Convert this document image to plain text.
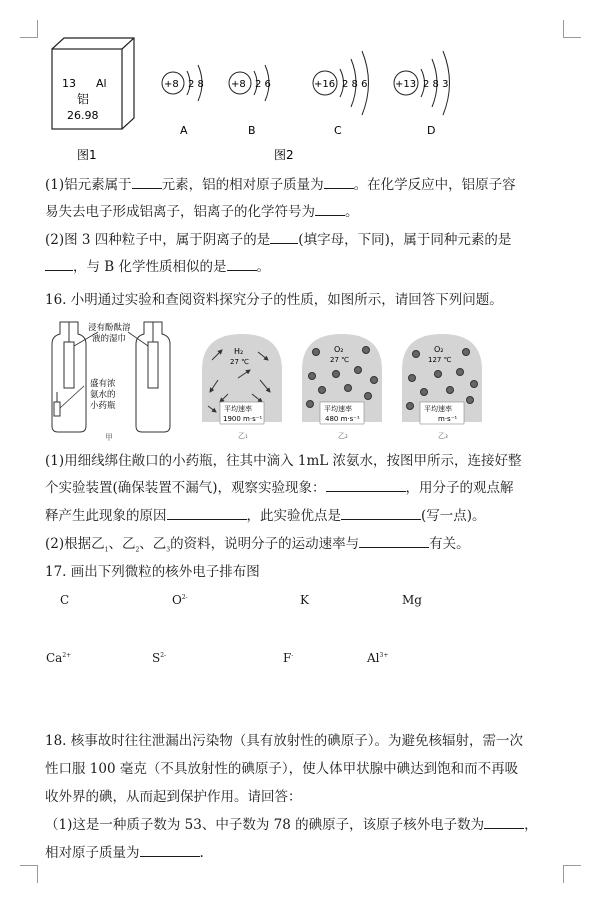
13 Al
铝
26.98
+8 2 8
A
+8 2 6
B
+16 2 8 6
C
+13 2 8 3
D
图1	图2
(1)铝元素属于 元素，铝的相对原子质量为 。在化学反应中，铝原子容
易失去电子形成铝离子，铝离子的化学符号为 。
(2)图 3 四种粒子中，属于阴离子的是 (填字母，下同)，属于同种元素的是
，与 B 化学性质相似的是 。
16. 小明通过实验和查阅资料探究分子的性质，如图所示，请回答下列问题。
浸有酚酞溶
液的湿巾
盛有浓
氨水的
小药瓶
甲
H₂
27 ℃
平均速率
1900 m·s⁻¹
乙₁
O₂
27 ℃
平均速率
480 m·s⁻¹
乙₂
O₂
127 ℃
平均速率
m·s⁻¹
乙₃
(1)用细线绑住敞口的小药瓶，往其中滴入 1mL 浓氨水，按图甲所示，连接好整
个实验装置(确保装置不漏气)，观察实验现象：	，用分子的观点解
释产生此现象的原因	，此实验优点是	(写一点)。
(2)根据乙$_1$、乙$_2$、乙$_3$的资料，说明分子的运动速率与	有关。
17. 画出下列微粒的核外电子排布图
C	$O^{2-}$	K	Mg
$Ca^{2+}$	$S^{2-}$	F-	$Al^{3+}$
18. 核事故时往往泄漏出污染物（具有放射性的碘原子）。为避免核辐射，需一次
性口服 100 毫克（不具放射性的碘原子），使人体甲状腺中碘达到饱和而不再吸
收外界的碘，从而起到保护作用。请回答：
（1)这是一种质子数为 53、中子数为 78 的碘原子，该原子核外电子数为	，
相对原子质量为	.
